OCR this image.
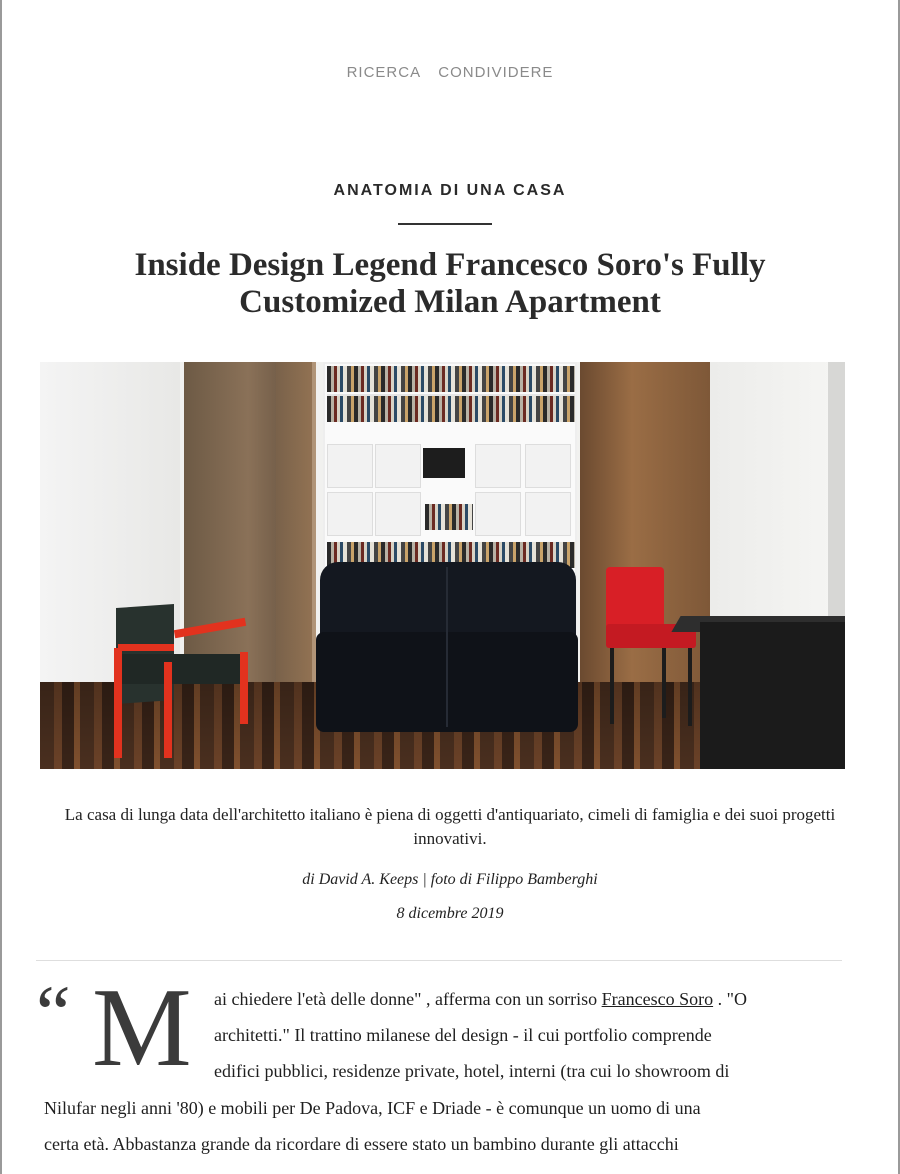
RICERCA CONDIVIDERE
ANATOMIA DI UNA CASA
Inside Design Legend Francesco Soro's Fully Customized Milan Apartment

La casa di lunga data dell'architetto italiano è piena di oggetti d'antiquariato, cimeli di famiglia e dei suoi progetti innovativi.

di David A. Keeps | foto di Filippo Bamberghi

8 dicembre 2019

“ M ai chiedere l'età delle donne" , afferma con un sorriso Francesco Soro . "O
architetti." Il trattino milanese del design - il cui portfolio comprende
edifici pubblici, residenze private, hotel, interni (tra cui lo showroom di
Nilufar negli anni '80) e mobili per De Padova, ICF e Driade - è comunque un uomo di una
certa età. Abbastanza grande da ricordare di essere stato un bambino durante gli attacchi
